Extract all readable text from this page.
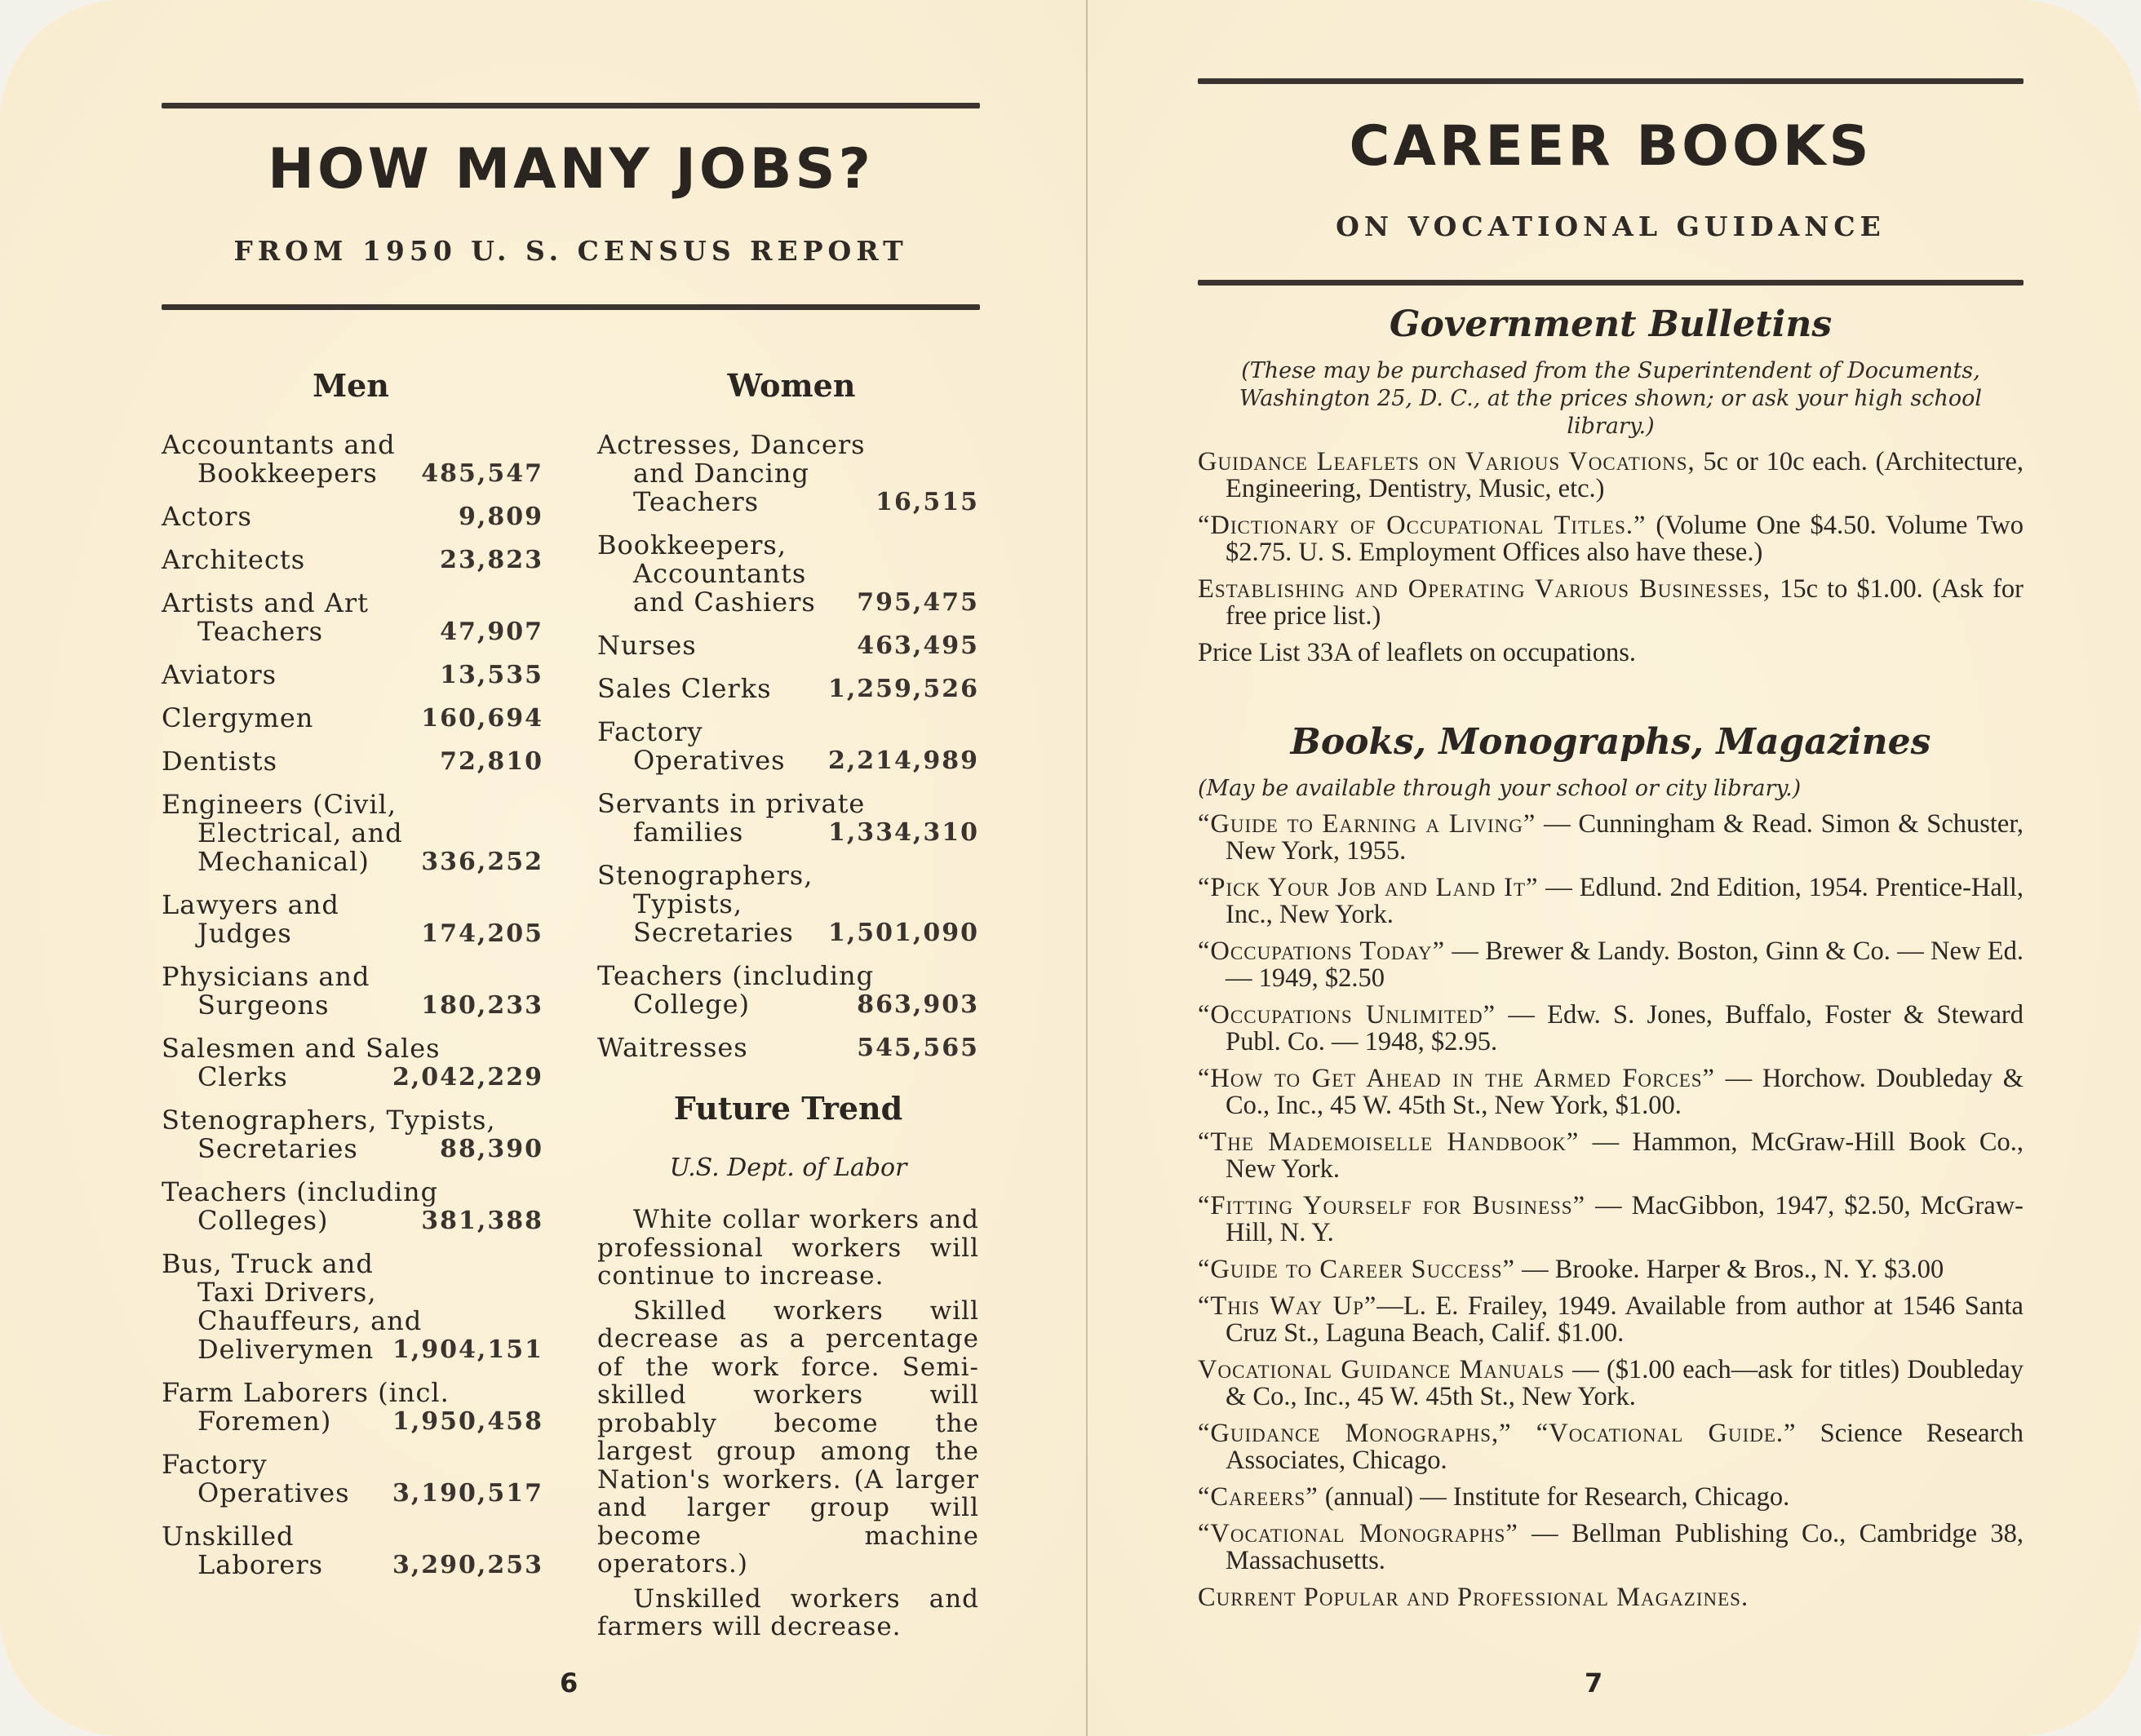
HOW MANY JOBS?
FROM 1950 U. S. CENSUS REPORT
Men	Women
Accountants and
Bookkeepers	485,547
Actors	9,809
Architects	23,823
Artists and Art
Teachers	47,907
Aviators	13,535
Clergymen	160,694
Dentists	72,810
Engineers (Civil,
Electrical, and
Mechanical)	336,252
Lawyers and
Judges	174,205
Physicians and
Surgeons	180,233
Salesmen and Sales
Clerks	2,042,229
Stenographers, Typists,
Secretaries	88,390
Teachers (including
Colleges)	381,388
Bus, Truck and
Taxi Drivers,
Chauffeurs, and
Deliverymen 1,904,151
Farm Laborers (incl.
Foremen)	1,950,458
Factory
Operatives	3,190,517
Unskilled
Laborers	3,290,253
Actresses, Dancers
and Dancing
Teachers	16,515
Bookkeepers,
Accountants
and Cashiers	795,475
Nurses	463,495
Sales Clerks	1,259,526
Factory
Operatives	2,214,989
Servants in private
families	1,334,310
Stenographers,
Typists,
Secretaries	1,501,090
Teachers (including
College)	863,903
Waitresses	545,565
Future Trend
U.S. Dept. of Labor

White collar workers and professional workers will continue to increase.

Skilled workers will decrease as a percentage of the work force. Semi-skilled workers will probably become the largest group among the Nation's workers. (A larger and larger group will become machine operators.)

Unskilled workers and farmers will decrease.

6
CAREER BOOKS
ON VOCATIONAL GUIDANCE
Government Bulletins
(These may be purchased from the Superintendent of Documents, Washington 25, D. C., at the prices shown; or ask your high school library.)
Guidance Leaflets on Various Vocations, 5c or 10c each. (Architecture, Engineering, Dentistry, Music, etc.)
“Dictionary of Occupational Titles.” (Volume One $4.50. Volume Two $2.75. U. S. Employment Offices also have these.)
Establishing and Operating Various Businesses, 15c to $1.00. (Ask for free price list.)
Price List 33A of leaflets on occupations.
Books, Monographs, Magazines
(May be available through your school or city library.)
“Guide to Earning a Living” — Cunningham & Read. Simon & Schuster, New York, 1955.
“Pick Your Job and Land It” — Edlund. 2nd Edition, 1954. Prentice-Hall, Inc., New York.
“Occupations Today” — Brewer & Landy. Boston, Ginn & Co. — New Ed. — 1949, $2.50
“Occupations Unlimited” — Edw. S. Jones, Buffalo, Foster & Steward Publ. Co. — 1948, $2.95.
“How to Get Ahead in the Armed Forces” — Horchow. Doubleday & Co., Inc., 45 W. 45th St., New York, $1.00.
“The Mademoiselle Handbook” — Hammon, McGraw-Hill Book Co., New York.
“Fitting Yourself for Business” — MacGibbon, 1947, $2.50, McGraw-Hill, N. Y.
“Guide to Career Success” — Brooke. Harper & Bros., N. Y. $3.00
“This Way Up”—L. E. Frailey, 1949. Available from author at 1546 Santa Cruz St., Laguna Beach, Calif. $1.00.
Vocational Guidance Manuals — ($1.00 each—ask for titles) Doubleday & Co., Inc., 45 W. 45th St., New York.
“Guidance Monographs,” “Vocational Guide.” Science Research Associates, Chicago.
“Careers” (annual) — Institute for Research, Chicago.
“Vocational Monographs” — Bellman Publishing Co., Cambridge 38, Massachusetts.
Current Popular and Professional Magazines.
7
